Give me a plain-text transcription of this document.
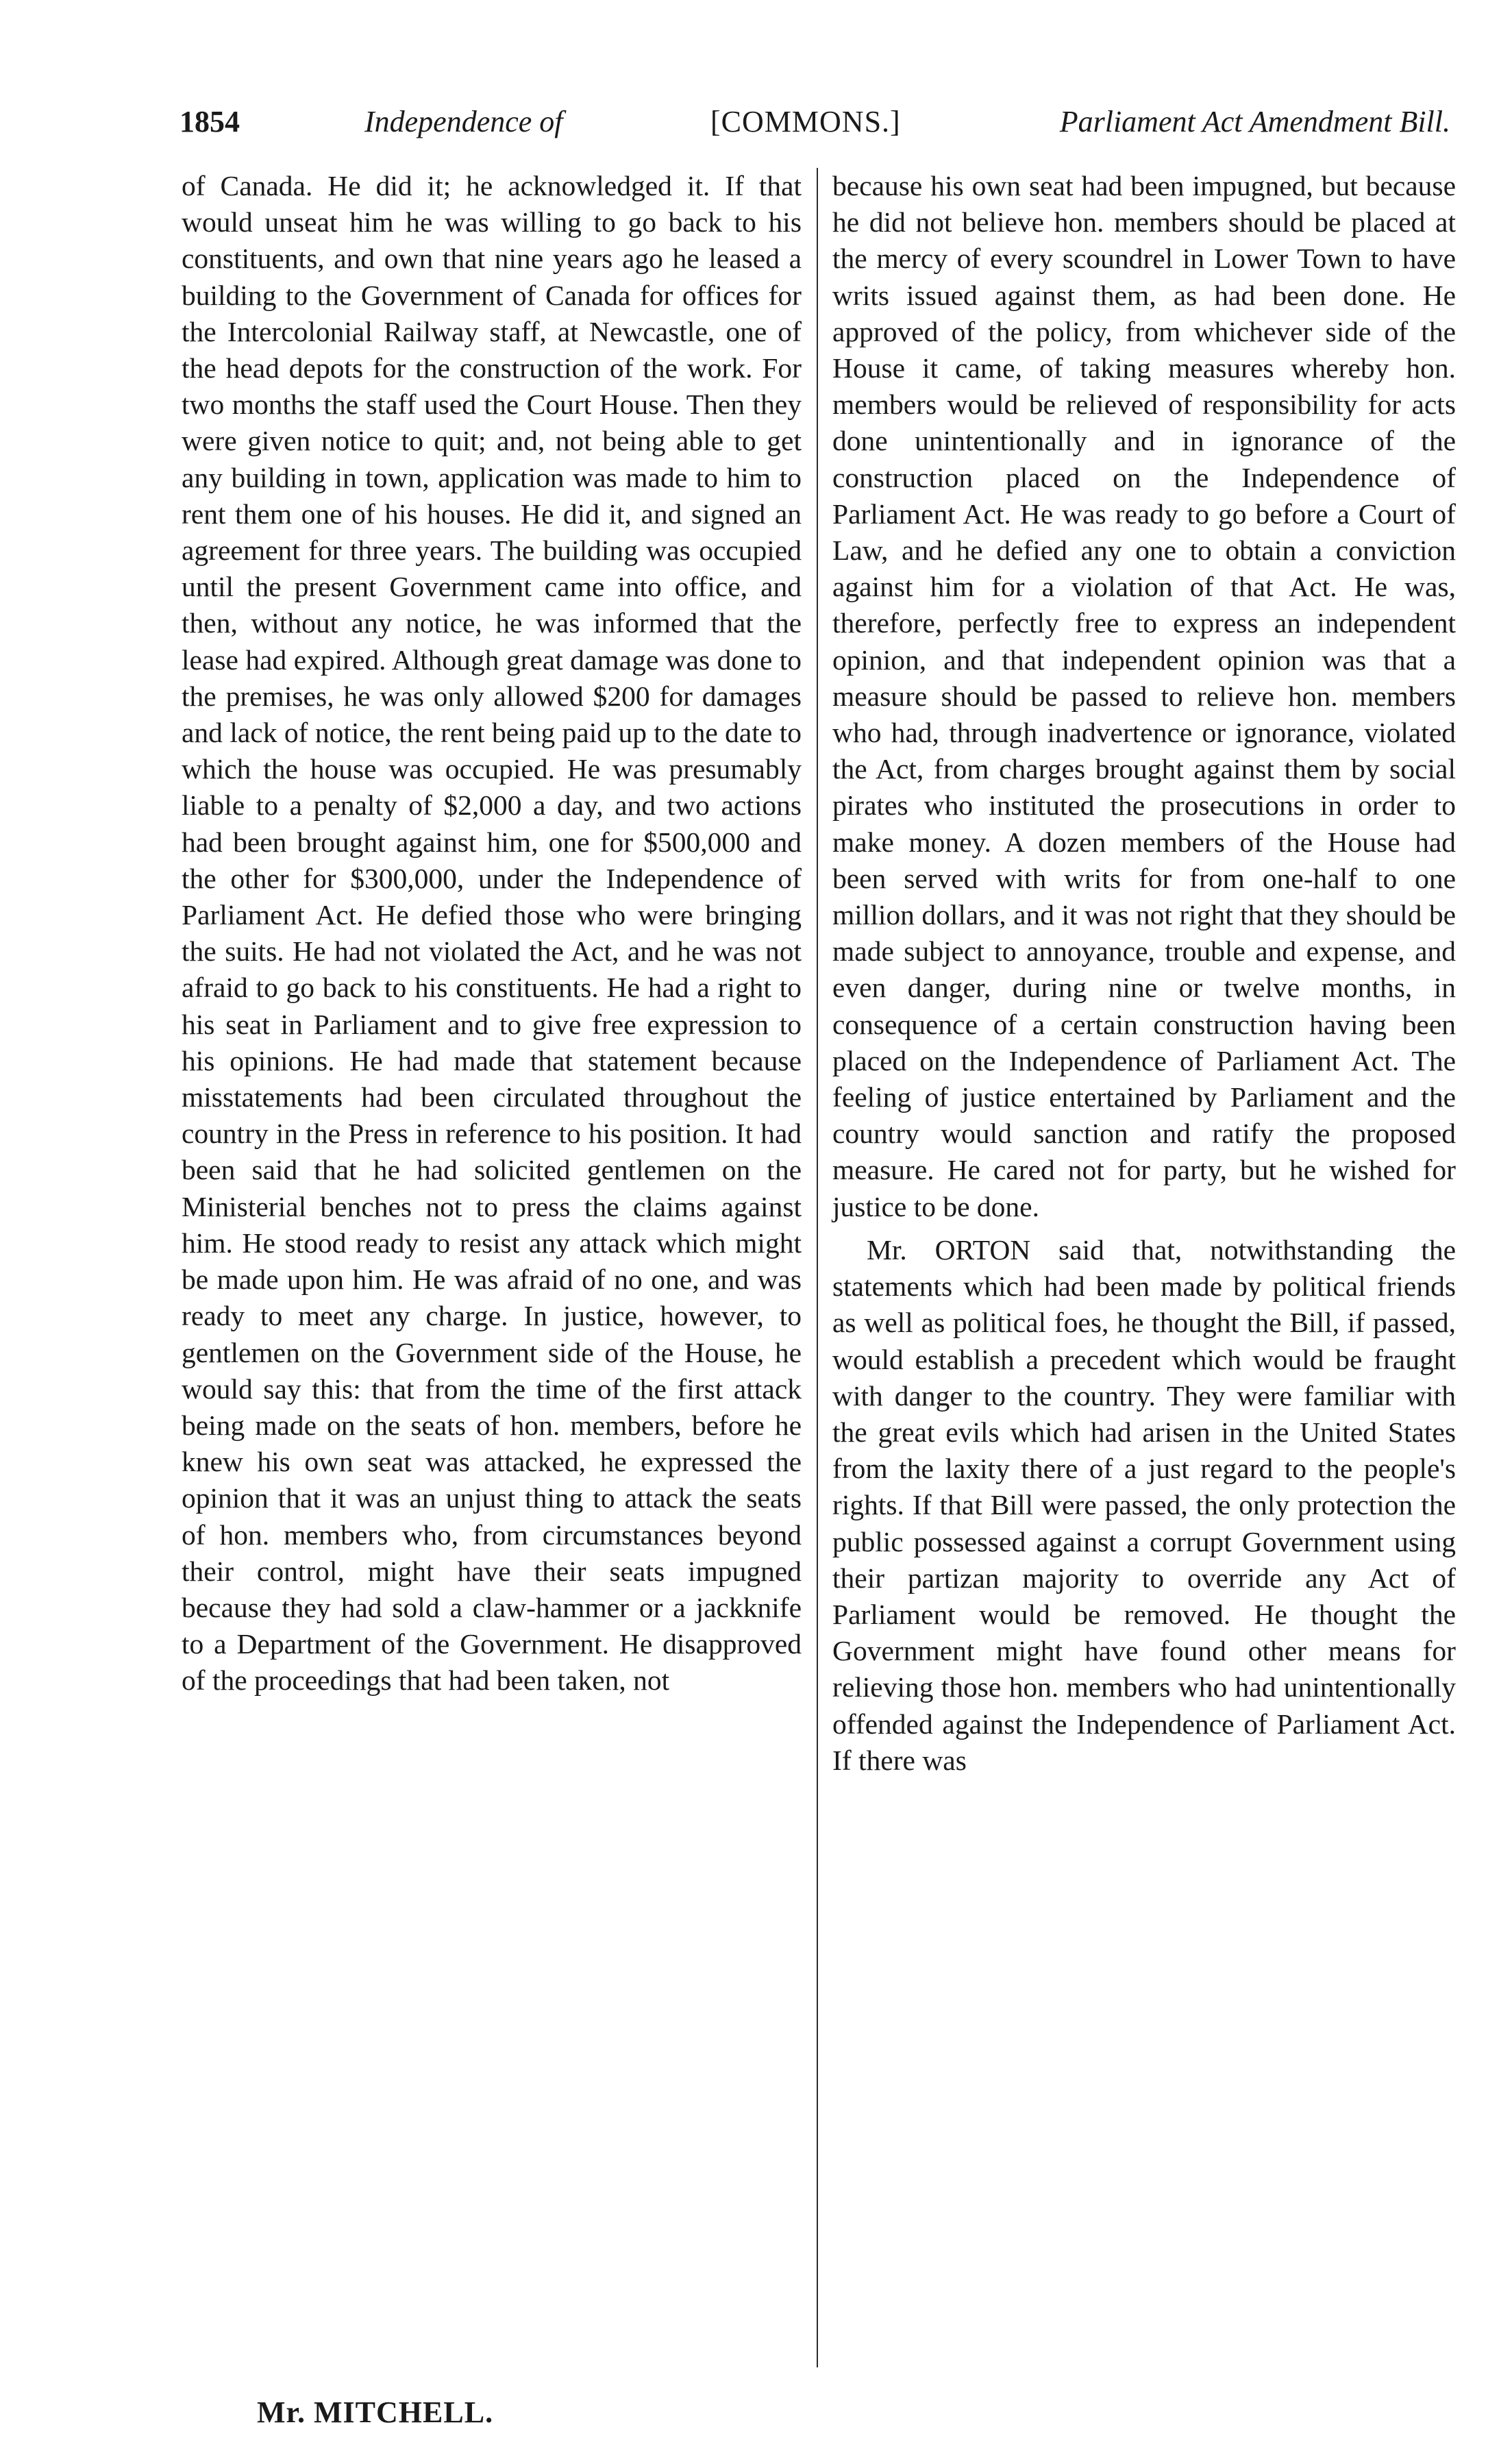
1854	Independence of	[COMMONS.]	Parliament Act Amendment Bill.

of Canada. He did it; he acknowledged it. If that would unseat him he was willing to go back to his constituents, and own that nine years ago he leased a building to the Government of Canada for offices for the Intercolonial Railway staff, at Newcastle, one of the head depots for the construction of the work. For two months the staff used the Court House. Then they were given notice to quit; and, not being able to get any building in town, application was made to him to rent them one of his houses. He did it, and signed an agreement for three years. The building was occupied until the present Government came into office, and then, without any notice, he was informed that the lease had expired. Although great damage was done to the premises, he was only allowed $200 for damages and lack of notice, the rent being paid up to the date to which the house was occupied. He was presumably liable to a penalty of $2,000 a day, and two actions had been brought against him, one for $500,000 and the other for $300,000, under the Independence of Parliament Act. He defied those who were bringing the suits. He had not violated the Act, and he was not afraid to go back to his constituents. He had a right to his seat in Parliament and to give free expression to his opinions. He had made that statement because misstatements had been circulated throughout the country in the Press in reference to his position. It had been said that he had solicited gentlemen on the Ministerial benches not to press the claims against him. He stood ready to resist any attack which might be made upon him. He was afraid of no one, and was ready to meet any charge. In justice, however, to gentlemen on the Government side of the House, he would say this: that from the time of the first attack being made on the seats of hon. members, before he knew his own seat was attacked, he expressed the opinion that it was an unjust thing to attack the seats of hon. members who, from circumstances beyond their control, might have their seats impugned because they had sold a claw-hammer or a jackknife to a Department of the Government. He disapproved of the proceedings that had been taken, not

because his own seat had been impugned, but because he did not believe hon. members should be placed at the mercy of every scoundrel in Lower Town to have writs issued against them, as had been done. He approved of the policy, from whichever side of the House it came, of taking measures whereby hon. members would be relieved of responsibility for acts done unintentionally and in ignorance of the construction placed on the Independence of Parliament Act. He was ready to go before a Court of Law, and he defied any one to obtain a conviction against him for a violation of that Act. He was, therefore, perfectly free to express an independent opinion, and that independent opinion was that a measure should be passed to relieve hon. members who had, through inadvertence or ignorance, violated the Act, from charges brought against them by social pirates who instituted the prosecutions in order to make money. A dozen members of the House had been served with writs for from one-half to one million dollars, and it was not right that they should be made subject to annoyance, trouble and expense, and even danger, during nine or twelve months, in consequence of a certain construction having been placed on the Independence of Parliament Act. The feeling of justice entertained by Parliament and the country would sanction and ratify the proposed measure. He cared not for party, but he wished for justice to be done.

Mr. ORTON said that, notwithstanding the statements which had been made by political friends as well as political foes, he thought the Bill, if passed, would establish a precedent which would be fraught with danger to the country. They were familiar with the great evils which had arisen in the United States from the laxity there of a just regard to the people's rights. If that Bill were passed, the only protection the public possessed against a corrupt Government using their partizan majority to override any Act of Parliament would be removed. He thought the Government might have found other means for relieving those hon. members who had unintentionally offended against the Independence of Parliament Act. If there was

Mr. MITCHELL.
